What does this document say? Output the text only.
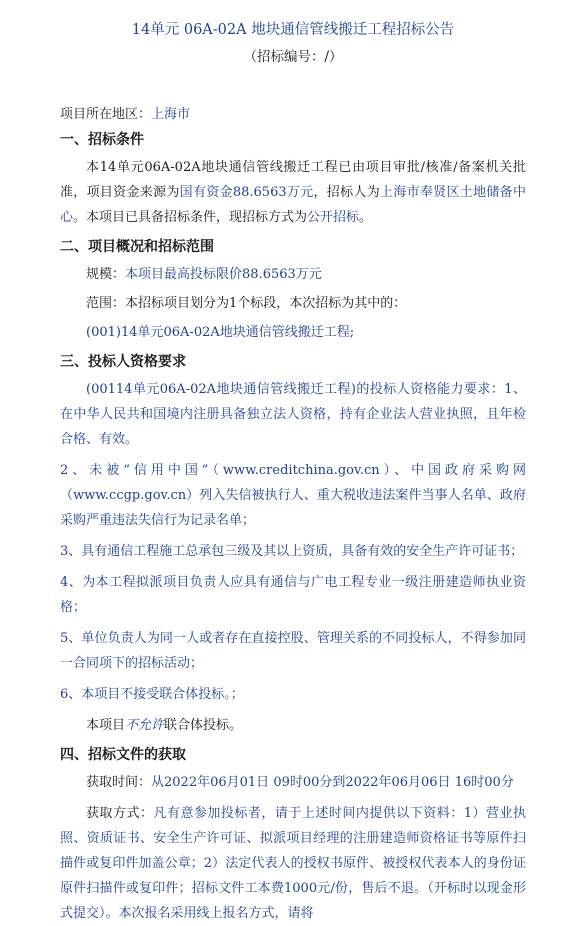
14单元 06A-02A 地块通信管线搬迁工程招标公告
（招标编号：/）
项目所在地区：上海市
一、招标条件
本14单元06A-02A地块通信管线搬迁工程已由项目审批/核准/备案机关批准，项目资金来源为国有资金88.6563万元，招标人为上海市奉贤区土地储备中心。本项目已具备招标条件，现招标方式为公开招标。
二、项目概况和招标范围
规模：本项目最高投标限价88.6563万元
范围：本招标项目划分为1个标段，本次招标为其中的：
(001)14单元06A-02A地块通信管线搬迁工程;
三、投标人资格要求
(00114单元06A-02A地块通信管线搬迁工程)的投标人资格能力要求：1、在中华人民共和国境内注册具备独立法人资格，持有企业法人营业执照，且年检合格、有效。
2、未被“信用中国”（www.creditchina.gov.cn）、中国政府采购网（www.ccgp.gov.cn）列入失信被执行人、重大税收违法案件当事人名单、政府采购严重违法失信行为记录名单；
3、具有通信工程施工总承包三级及其以上资质，具备有效的安全生产许可证书；
4、为本工程拟派项目负责人应具有通信与广电工程专业一级注册建造师执业资格；
5、单位负责人为同一人或者存在直接控股、管理关系的不同投标人，不得参加同一合同项下的招标活动；
6、本项目不接受联合体投标。；
本项目不允许联合体投标。
四、招标文件的获取
获取时间：从2022年06月01日 09时00分到2022年06月06日 16时00分
获取方式：凡有意参加投标者，请于上述时间内提供以下资料：1）营业执照、资质证书、安全生产许可证、拟派项目经理的注册建造师资格证书等原件扫描件或复印件加盖公章；2）法定代表人的授权书原件、被授权代表本人的身份证原件扫描件或复印件；招标文件工本费1000元/份，售后不退。（开标时以现金形式提交）。本次报名采用线上报名方式，请将
